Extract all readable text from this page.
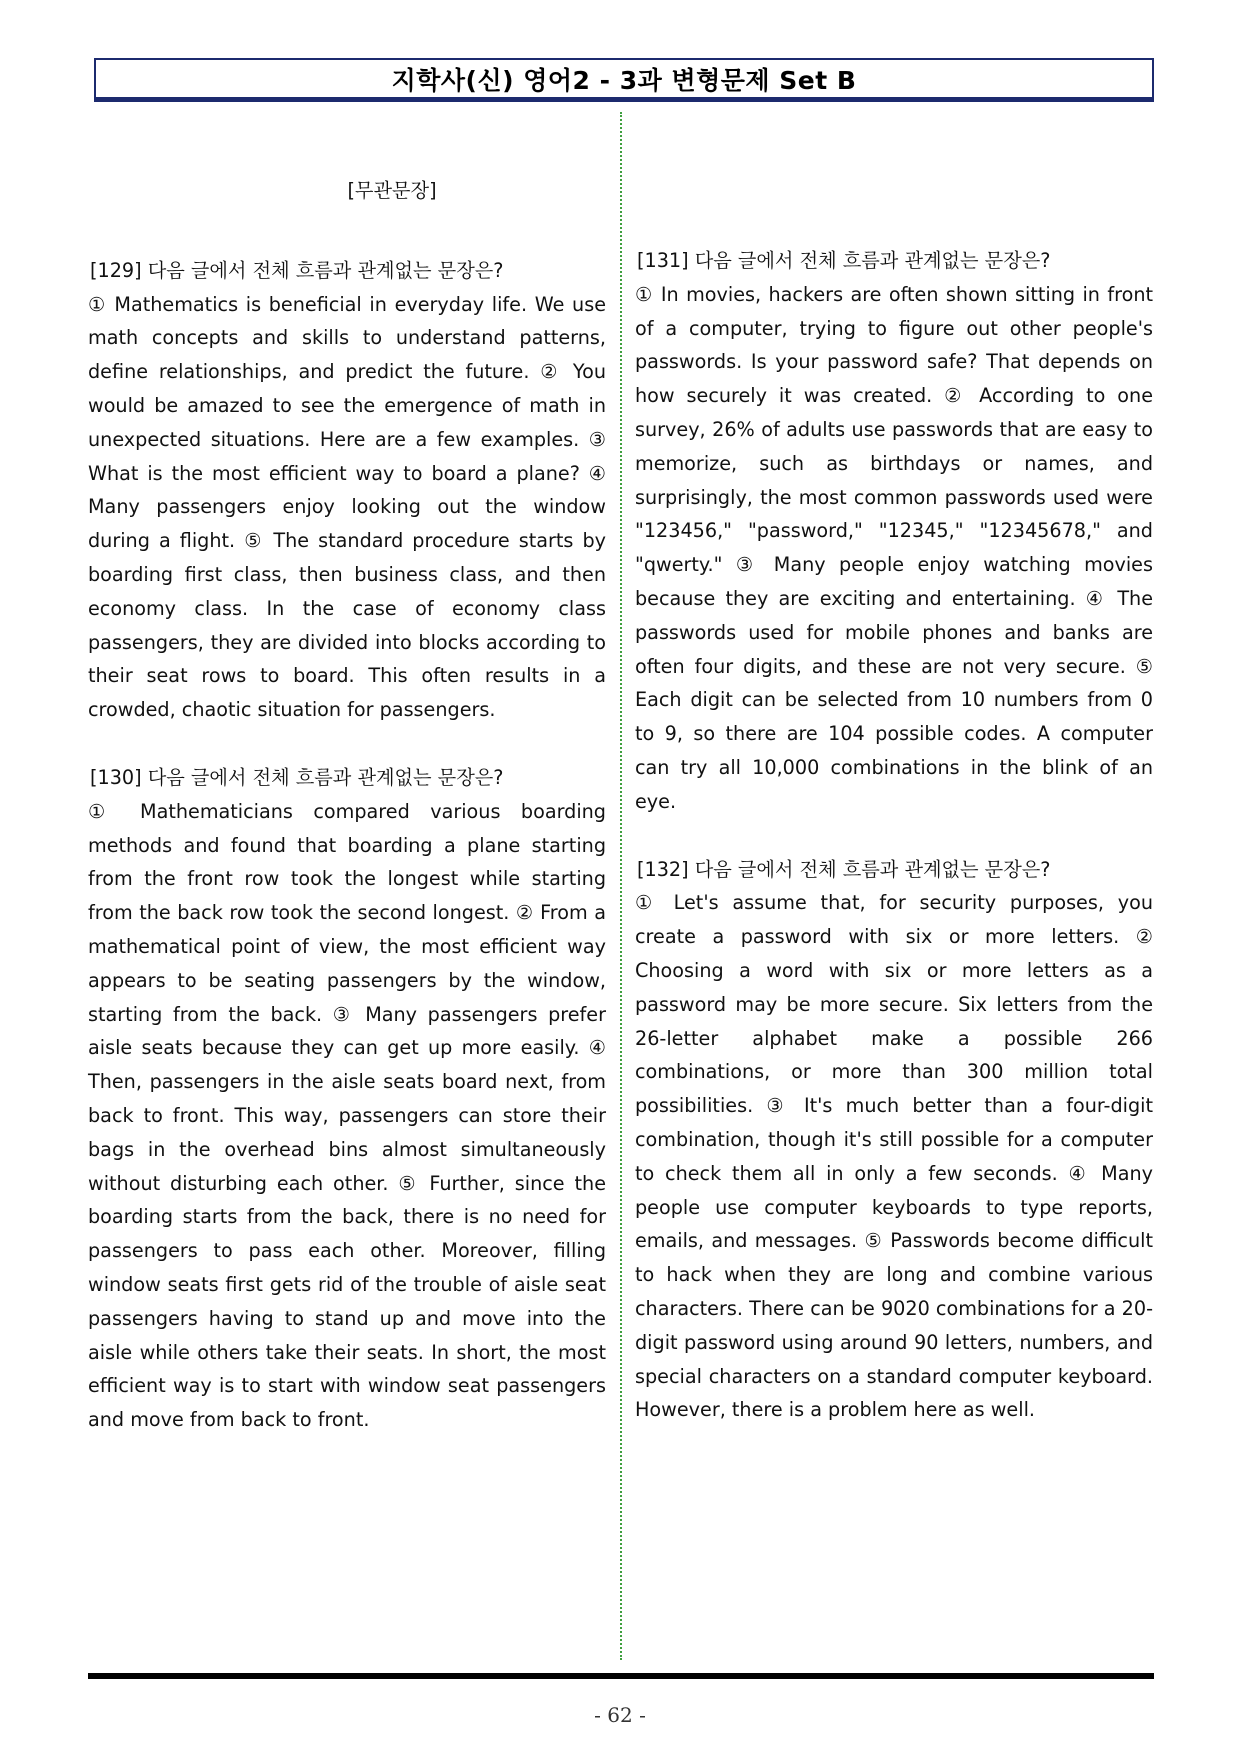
지학사(신) 영어2 - 3과 변형문제 Set B

[무관문장]

[129] 다음 글에서 전체 흐름과 관계없는 문장은?

① Mathematics is beneficial in everyday life. We use math concepts and skills to understand patterns, define relationships, and predict the future. ② You would be amazed to see the emergence of math in unexpected situations. Here are a few examples. ③ What is the most efficient way to board a plane? ④ Many passengers enjoy looking out the window during a flight. ⑤ The standard procedure starts by boarding first class, then business class, and then economy class. In the case of economy class passengers, they are divided into blocks according to their seat rows to board. This often results in a crowded, chaotic situation for passengers.

[130] 다음 글에서 전체 흐름과 관계없는 문장은?

① Mathematicians compared various boarding methods and found that boarding a plane starting from the front row took the longest while starting from the back row took the second longest. ② From a mathematical point of view, the most efficient way appears to be seating passengers by the window, starting from the back. ③ Many passengers prefer aisle seats because they can get up more easily. ④ Then, passengers in the aisle seats board next, from back to front. This way, passengers can store their bags in the overhead bins almost simultaneously without disturbing each other. ⑤ Further, since the boarding starts from the back, there is no need for passengers to pass each other. Moreover, filling window seats first gets rid of the trouble of aisle seat passengers having to stand up and move into the aisle while others take their seats. In short, the most efficient way is to start with window seat passengers and move from back to front.

[131] 다음 글에서 전체 흐름과 관계없는 문장은?

① In movies, hackers are often shown sitting in front of a computer, trying to figure out other people's passwords. Is your password safe? That depends on how securely it was created. ② According to one survey, 26% of adults use passwords that are easy to memorize, such as birthdays or names, and surprisingly, the most common passwords used were "123456," "password," "12345," "12345678," and "qwerty." ③ Many people enjoy watching movies because they are exciting and entertaining. ④ The passwords used for mobile phones and banks are often four digits, and these are not very secure. ⑤ Each digit can be selected from 10 numbers from 0 to 9, so there are 104 possible codes. A computer can try all 10,000 combinations in the blink of an eye.

[132] 다음 글에서 전체 흐름과 관계없는 문장은?

① Let's assume that, for security purposes, you create a password with six or more letters. ② Choosing a word with six or more letters as a password may be more secure. Six letters from the 26-letter alphabet make a possible 266 combinations, or more than 300 million total possibilities. ③ It's much better than a four-digit combination, though it's still possible for a computer to check them all in only a few seconds. ④ Many people use computer keyboards to type reports, emails, and messages. ⑤ Passwords become difficult to hack when they are long and combine various characters. There can be 9020 combinations for a 20-digit password using around 90 letters, numbers, and special characters on a standard computer keyboard. However, there is a problem here as well.

- 62 -
